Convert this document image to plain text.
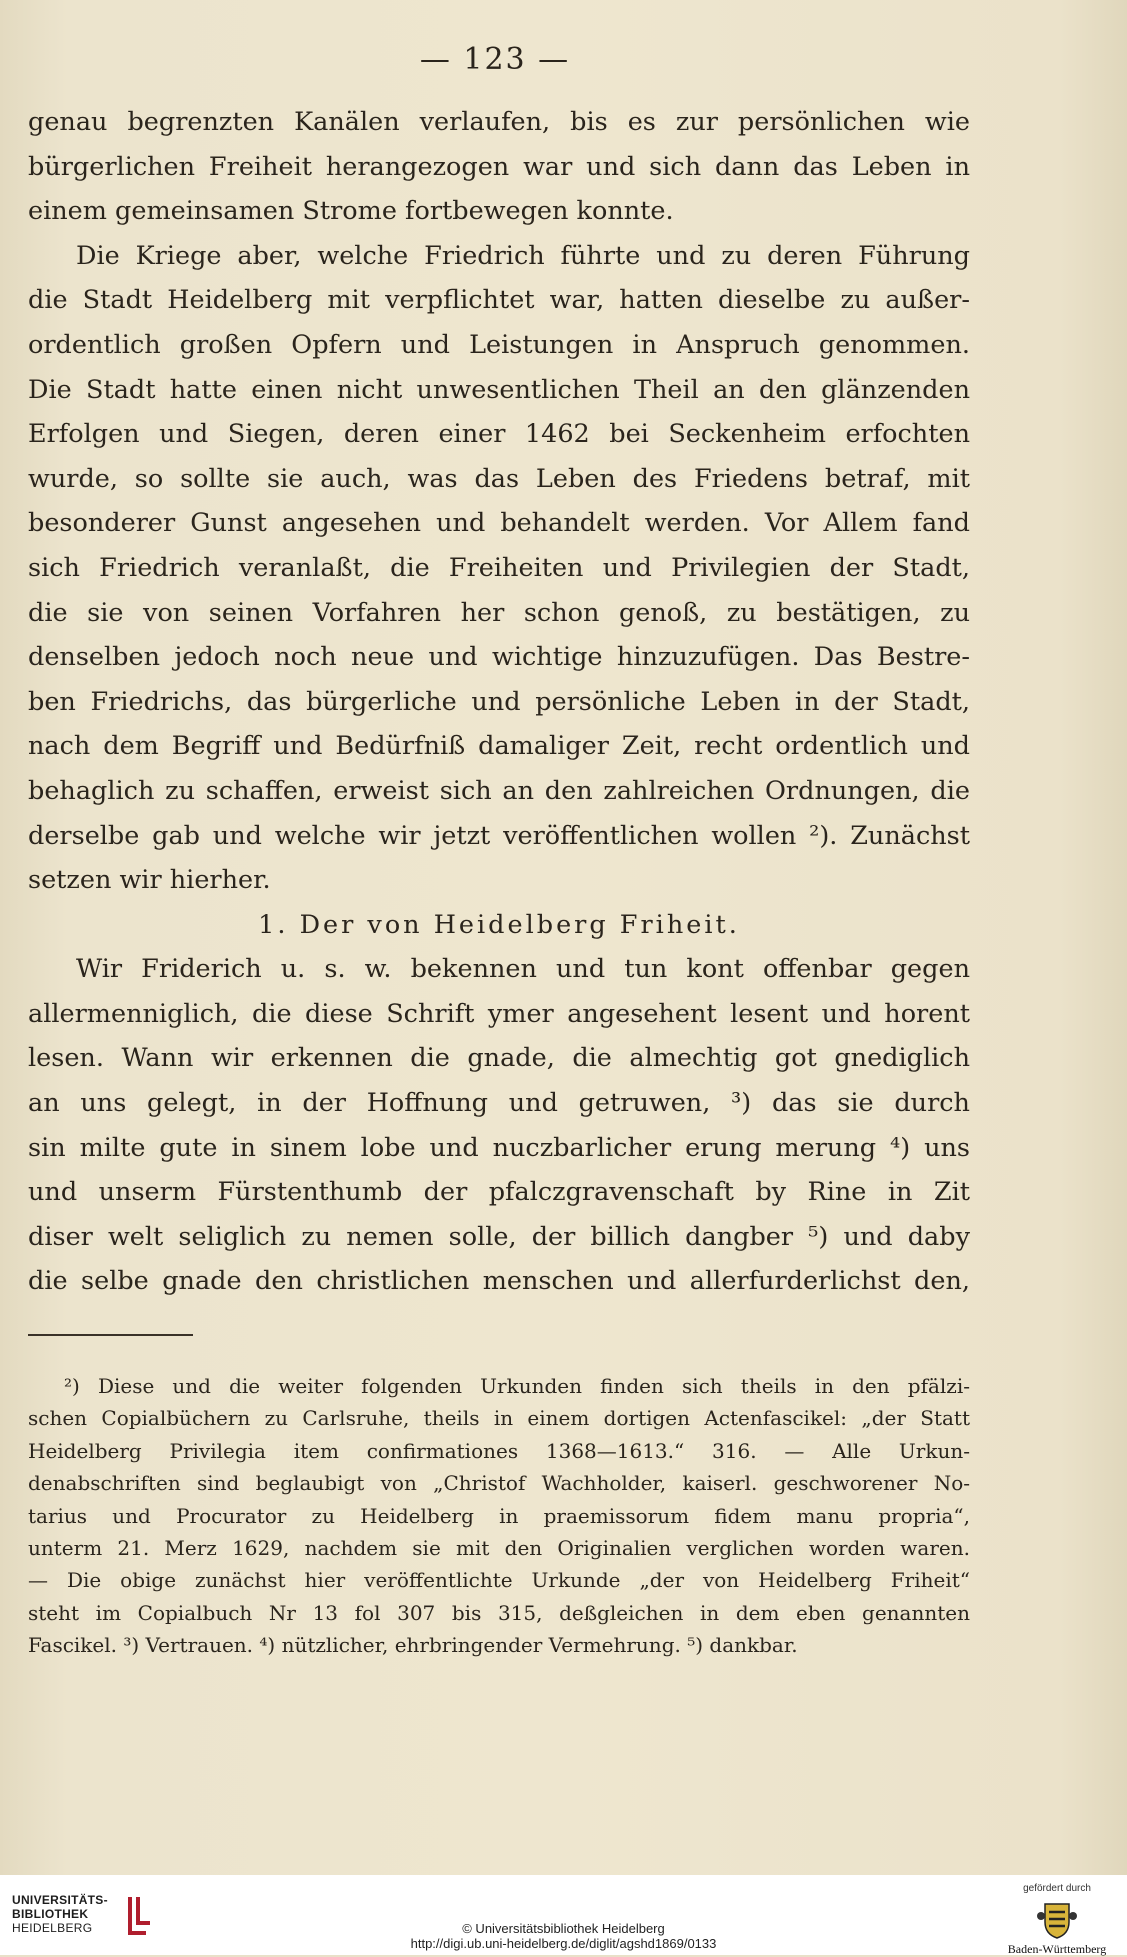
— 123 —
genau begrenzten Kanälen verlaufen, bis es zur persönlichen wie
bürgerlichen Freiheit herangezogen war und sich dann das Leben in
einem gemeinsamen Strome fortbewegen konnte.
Die Kriege aber, welche Friedrich führte und zu deren Führung
die Stadt Heidelberg mit verpflichtet war, hatten dieselbe zu außer-
ordentlich großen Opfern und Leistungen in Anspruch genommen.
Die Stadt hatte einen nicht unwesentlichen Theil an den glänzenden
Erfolgen und Siegen, deren einer 1462 bei Seckenheim erfochten
wurde, so sollte sie auch, was das Leben des Friedens betraf, mit
besonderer Gunst angesehen und behandelt werden. Vor Allem fand
sich Friedrich veranlaßt, die Freiheiten und Privilegien der Stadt,
die sie von seinen Vorfahren her schon genoß, zu bestätigen, zu
denselben jedoch noch neue und wichtige hinzuzufügen. Das Bestre-
ben Friedrichs, das bürgerliche und persönliche Leben in der Stadt,
nach dem Begriff und Bedürfniß damaliger Zeit, recht ordentlich und
behaglich zu schaffen, erweist sich an den zahlreichen Ordnungen, die
derselbe gab und welche wir jetzt veröffentlichen wollen ²). Zunächst
setzen wir hierher.
1. Der von Heidelberg Friheit.
Wir Friderich u. s. w. bekennen und tun kont offenbar gegen
allermenniglich, die diese Schrift ymer angesehent lesent und horent
lesen. Wann wir erkennen die gnade, die almechtig got gnediglich
an uns gelegt, in der Hoffnung und getruwen, ³) das sie durch
sin milte gute in sinem lobe und nuczbarlicher erung merung ⁴) uns
und unserm Fürstenthumb der pfalczgravenschaft by Rine in Zit
diser welt seliglich zu nemen solle, der billich dangber ⁵) und daby
die selbe gnade den christlichen menschen und allerfurderlichst den,
²) Diese und die weiter folgenden Urkunden finden sich theils in den pfälzi-
schen Copialbüchern zu Carlsruhe, theils in einem dortigen Actenfascikel: „der Statt
Heidelberg Privilegia item confirmationes 1368—1613.“ 316. — Alle Urkun-
denabschriften sind beglaubigt von „Christof Wachholder, kaiserl. geschworener No-
tarius und Procurator zu Heidelberg in praemissorum fidem manu propria“,
unterm 21. Merz 1629, nachdem sie mit den Originalien verglichen worden waren.
— Die obige zunächst hier veröffentlichte Urkunde „der von Heidelberg Friheit“
steht im Copialbuch Nr 13 fol 307 bis 315, deßgleichen in dem eben genannten
Fascikel. ³) Vertrauen. ⁴) nützlicher, ehrbringender Vermehrung. ⁵) dankbar.
UNIVERSITÄTS-
BIBLIOTHEK
HEIDELBERG	© Universitätsbibliothek Heidelberg
http://digi.ub.uni-heidelberg.de/diglit/agshd1869/0133
gefördert durch
Baden-Württemberg
